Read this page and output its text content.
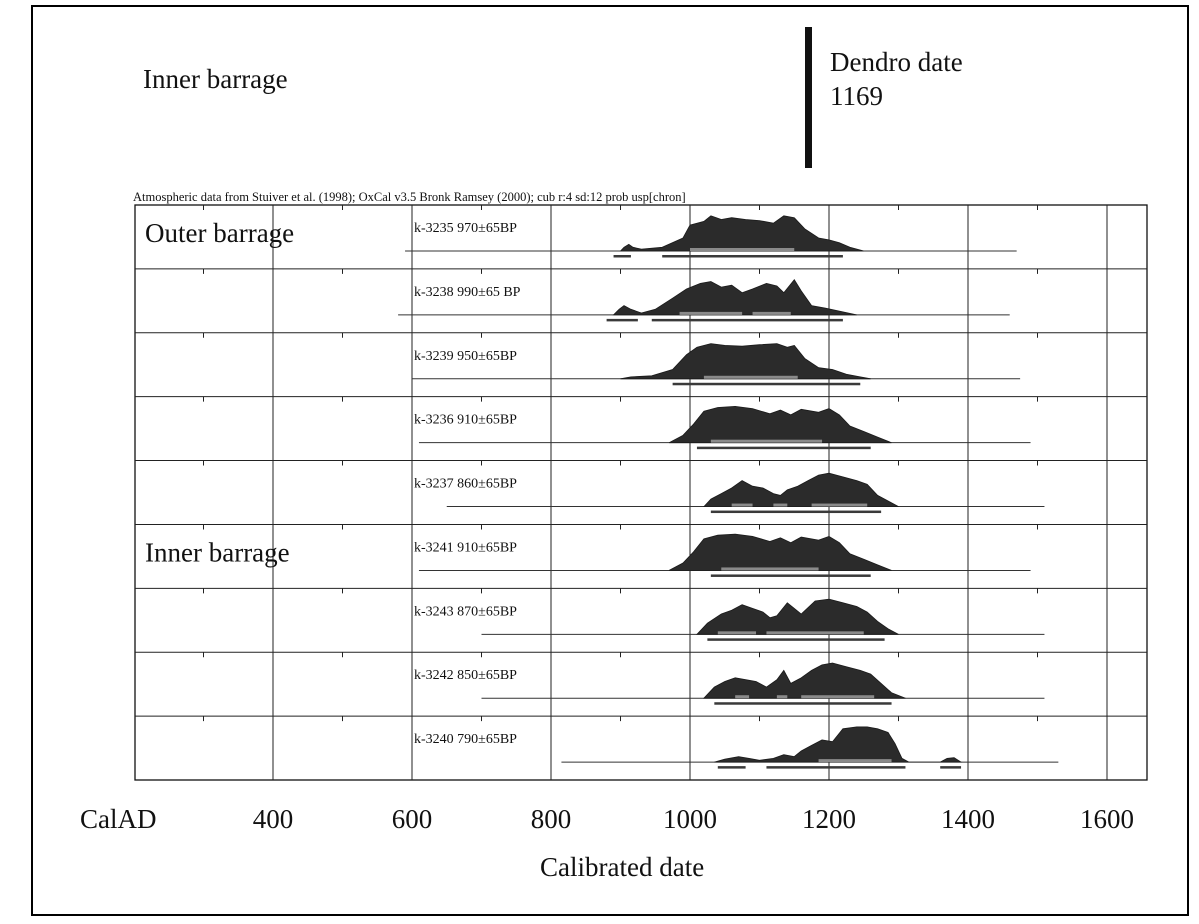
Inner barrage
Dendro date
1169
Atmospheric data from Stuiver et al. (1998); OxCal v3.5 Bronk Ramsey (2000); cub r:4 sd:12 prob usp[chron]
k-3235 970±65BP
k-3238 990±65 BP
k-3239 950±65BP
k-3236 910±65BP
k-3237 860±65BP
k-3241 910±65BP
k-3243 870±65BP
k-3242 850±65BP
k-3240 790±65BP
Outer barrage
Inner barrage
CalAD	400	600	800	1000	1200	1400	1600
Calibrated date
